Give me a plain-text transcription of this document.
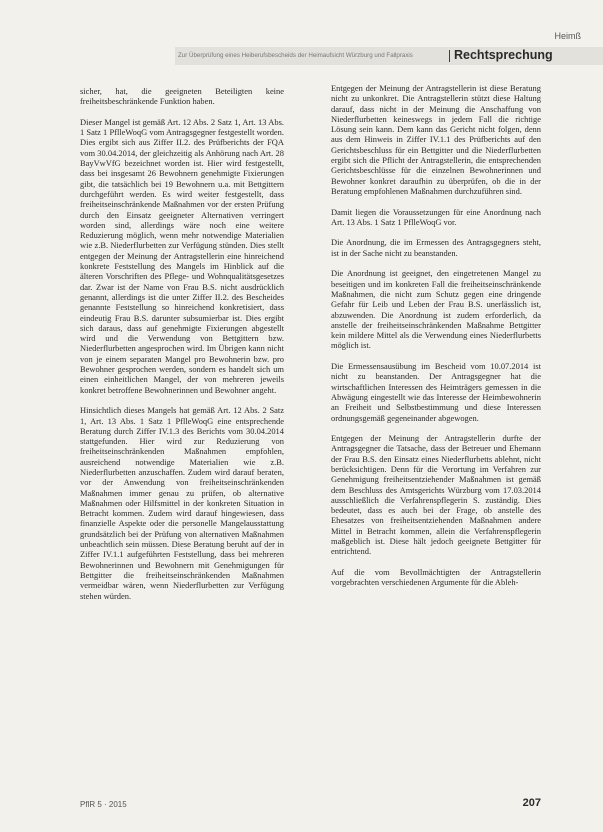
Heimß
Zur Überprüfung eines Heiberufsbescheids der Heimaufsicht Würzburg und Fallpraxis	Rechtsprechung

sicher, hat, die geeigneten Beteiligten keine freiheitsbeschränkende Funktion haben.

Dieser Mangel ist gemäß Art. 12 Abs. 2 Satz 1, Art. 13 Abs. 1 Satz 1 PflleWoqG vom Antragsgegner festgestellt worden. Dies ergibt sich aus Ziffer II.2. des Prüfberichts der FQA vom 30.04.2014, der gleichzeitig als Anhörung nach Art. 28 BayVwVfG bezeichnet worden ist. Hier wird festgestellt, dass bei insgesamt 26 Bewohnern genehmigte Fixierungen gibt, die tatsächlich bei 19 Bewohnern u.a. mit Bettgittern durchgeführt werden. Es wird weiter festgestellt, dass freiheitseinschränkende Maßnahmen vor der ersten Prüfung durch den Einsatz geeigneter Alternativen verringert worden sind, allerdings wäre noch eine weitere Reduzierung möglich, wenn mehr notwendige Materialien wie z.B. Niederflurbetten zur Verfügung stünden. Dies stellt entgegen der Meinung der Antragstellerin eine hinreichend konkrete Feststellung des Mangels im Hinblick auf die älteren Vorschriften des Pflege- und Wohnqualitätsgesetzes dar. Zwar ist der Name von Frau B.S. nicht ausdrücklich genannt, allerdings ist die unter Ziffer II.2. des Bescheides genannte Feststellung so hinreichend konkretisiert, dass eindeutig Frau B.S. darunter subsumierbar ist. Dies ergibt sich daraus, dass auf genehmigte Fixierungen abgestellt wird und die Verwendung von Bettgittern bzw. Niederflurbetten angesprochen wird. Im Übrigen kann nicht von je einem separaten Mangel pro Bewohnerin bzw. pro Bewohner gesprochen werden, sondern es handelt sich um einen einheitlichen Mangel, der von mehreren jeweils konkret betroffene Bewohnerinnen und Bewohner angeht.

Hinsichtlich dieses Mangels hat gemäß Art. 12 Abs. 2 Satz 1, Art. 13 Abs. 1 Satz 1 PflleWoqG eine entsprechende Beratung durch Ziffer IV.1.3 des Berichts vom 30.04.2014 stattgefunden. Hier wird zur Reduzierung von freiheitseinschränkenden Maßnahmen empfohlen, ausreichend notwendige Materialien wie z.B. Niederflurbetten anzuschaffen. Zudem wird darauf beraten, vor der Anwendung von freiheitseinschränkenden Maßnahmen immer genau zu prüfen, ob alternative Maßnahmen oder Hilfsmittel in der konkreten Situation in Betracht kommen. Zudem wird darauf hingewiesen, dass finanzielle Aspekte oder die personelle Mangelausstattung grundsätzlich bei der Prüfung von alternativen Maßnahmen unbeachtlich sein müssen. Diese Beratung beruht auf der in Ziffer IV.1.1 aufgeführten Feststellung, dass bei mehreren Bewohnerinnen und Bewohnern mit Genehmigungen für Bettgitter die freiheitseinschränkenden Maßnahmen vermeidbar wären, wenn Niederflurbetten zur Verfügung stehen würden.

Entgegen der Meinung der Antragstellerin ist diese Beratung nicht zu unkonkret. Die Antragstellerin stützt diese Haltung darauf, dass nicht in der Meinung die Anschaffung von Niederflurbetten keineswegs in jedem Fall die richtige Lösung sein kann. Dem kann das Gericht nicht folgen, denn aus dem Hinweis in Ziffer IV.1.1 des Prüfberichts auf den Gerichtsbeschluss für ein Bettgitter und die Niederflurbetten ergibt sich die Pflicht der Antragstellerin, die entsprechenden Gerichtsbeschlüsse für die einzelnen Bewohnerinnen und Bewohner konkret daraufhin zu überprüfen, ob die in der Beratung empfohlenen Maßnahmen durchzuführen sind.

Damit liegen die Voraussetzungen für eine Anordnung nach Art. 13 Abs. 1 Satz 1 PflleWoqG vor.

Die Anordnung, die im Ermessen des Antragsgegners steht, ist in der Sache nicht zu beanstanden.

Die Anordnung ist geeignet, den eingetretenen Mangel zu beseitigen und im konkreten Fall die freiheitseinschränkende Maßnahmen, die nicht zum Schutz gegen eine dringende Gefahr für Leib und Leben der Frau B.S. unerlässlich ist, abzuwenden. Die Anordnung ist zudem erforderlich, da anstelle der freiheitseinschränkenden Maßnahme Bettgitter kein mildere Mittel als die Verwendung eines Niederflurbetts möglich ist.

Die Ermessensausübung im Bescheid vom 10.07.2014 ist nicht zu beanstanden. Der Antragsgegner hat die wirtschaftlichen Interessen des Heimträgers gemessen in die Abwägung eingestellt wie das Interesse der Heimbewohnerin an Freiheit und Selbstbestimmung und diese Interessen ordnungsgemäß gegeneinander abgewogen.

Entgegen der Meinung der Antragstellerin durfte der Antragsgegner die Tatsache, dass der Betreuer und Ehemann der Frau B.S. den Einsatz eines Niederflurbetts ablehnt, nicht berücksichtigen. Denn für die Verortung im Verfahren zur Genehmigung freiheitsentziehender Maßnahmen ist gemäß dem Beschluss des Amtsgerichts Würzburg vom 17.03.2014 ausschließlich die Verfahrenspflegerin S. zuständig. Dies bedeutet, dass es auch bei der Frage, ob anstelle des Ehesatzes von freiheitsentziehenden Maßnahmen andere Mittel in Betracht kommen, allein die Verfahrenspflegerin maßgeblich ist. Diese hält jedoch geeignete Bettgitter für entrichtend.

Auf die vom Bevollmächtigten der Antragstellerin vorgebrachten verschiedenen Argumente für die Ableh-

PflR 5 · 2015	207
